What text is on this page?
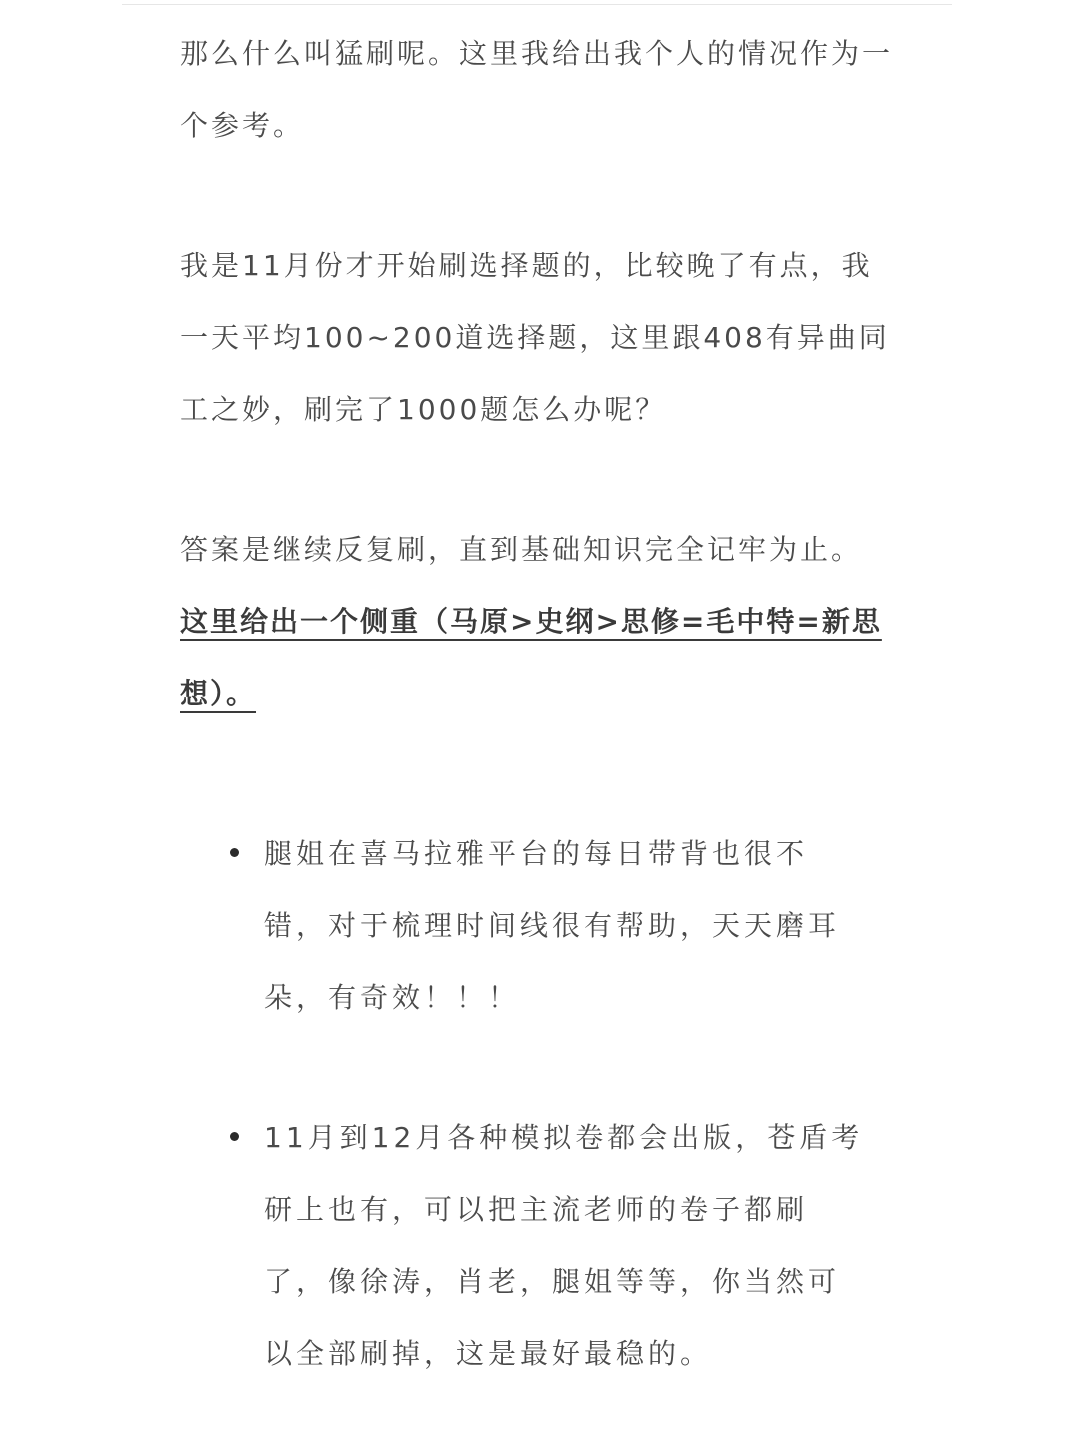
那么什么叫猛刷呢。这里我给出我个人的情况作为一个参考。

我是11月份才开始刷选择题的，比较晚了有点，我一天平均100~200道选择题，这里跟408有异曲同工之妙，刷完了1000题怎么办呢？

答案是继续反复刷，直到基础知识完全记牢为止。

这里给出一个侧重（马原>史纲>思修=毛中特=新思想）。

腿姐在喜马拉雅平台的每日带背也很不错，对于梳理时间线很有帮助，天天磨耳朵，有奇效！！！

11月到12月各种模拟卷都会出版，苍盾考研上也有，可以把主流老师的卷子都刷了，像徐涛，肖老，腿姐等等，你当然可以全部刷掉，这是最好最稳的。
